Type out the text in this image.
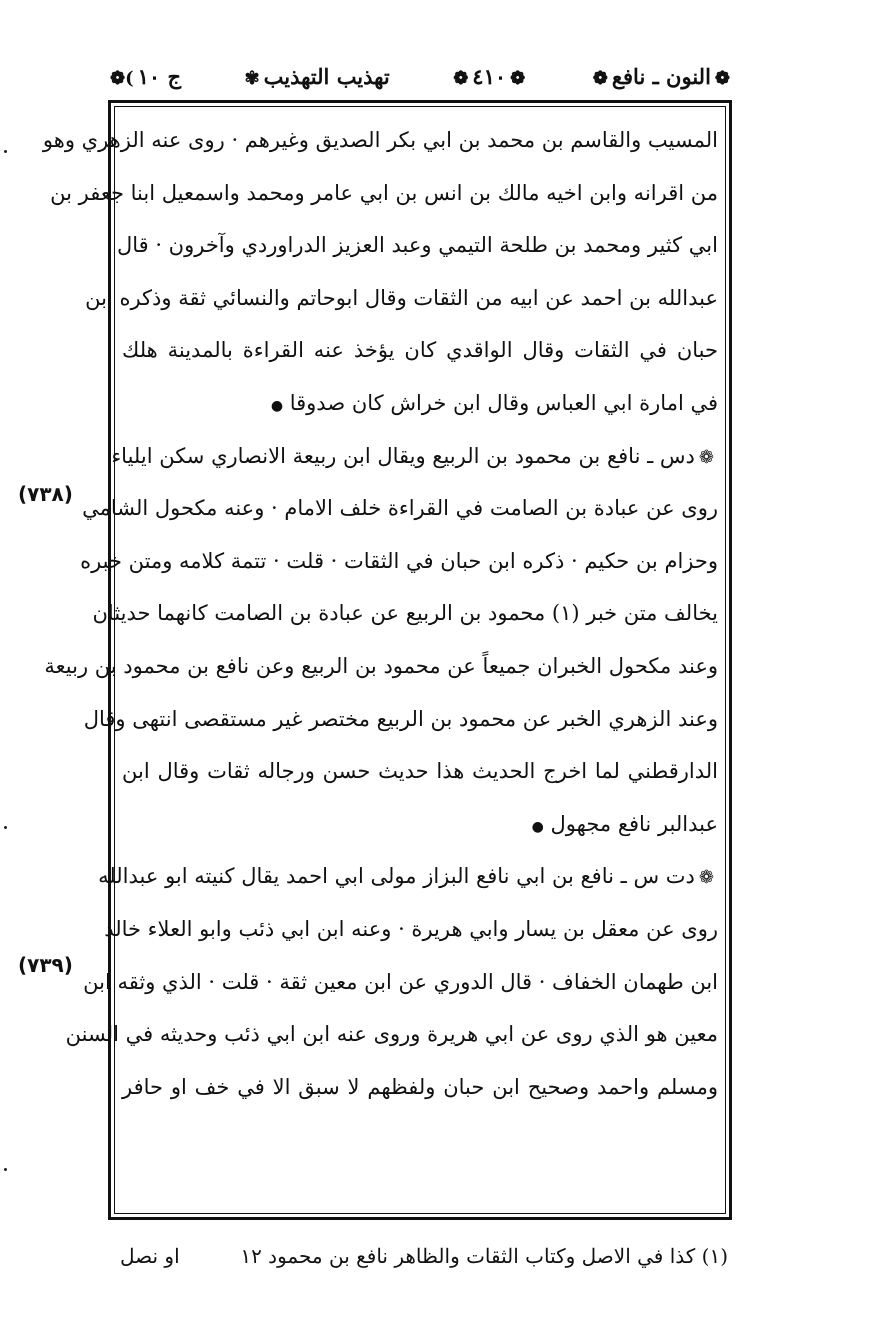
ج ١٠)❁	تهذيب التهذيب✾	❁٤١٠❁	❁النون ـ نافع❁
المسيب والقاسم بن محمد بن ابي بكر الصديق وغيرهم · روى عنه الزهري وهو
من اقرانه وابن اخيه مالك بن انس بن ابي عامر ومحمد واسمعيل ابنا جعفر بن
ابي كثير ومحمد بن طلحة التيمي وعبد العزيز الدراوردي وآخرون · قال
عبدالله بن احمد عن ابيه من الثقات وقال ابوحاتم والنسائي ثقة وذكره ابن
حبان في الثقات وقال الواقدي كان يؤخذ عنه القراءة بالمدينة هلك
في امارة ابي العباس وقال ابن خراش كان صدوقا ●
❁دس ـ نافع بن محمود بن الربيع ويقال ابن ربيعة الانصاري سكن ايلياء
روى عن عبادة بن الصامت في القراءة خلف الامام · وعنه مكحول الشامي
وحزام بن حكيم · ذكره ابن حبان في الثقات · قلت · تتمة كلامه ومتن خبره
يخالف متن خبر (١) محمود بن الربيع عن عبادة بن الصامت كانهما حديثان
وعند مكحول الخبران جميعاً عن محمود بن الربيع وعن نافع بن محمود بن ربيعة
وعند الزهري الخبر عن محمود بن الربيع مختصر غير مستقصى انتهى وقال
الدارقطني لما اخرج الحديث هذا حديث حسن ورجاله ثقات وقال ابن
عبدالبر نافع مجهول ●
❁دت س ـ نافع بن ابي نافع البزاز مولى ابي احمد يقال كنيته ابو عبدالله
روى عن معقل بن يسار وابي هريرة · وعنه ابن ابي ذئب وابو العلاء خالد
ابن طهمان الخفاف · قال الدوري عن ابن معين ثقة · قلت · الذي وثقه ابن
معين هو الذي روى عن ابي هريرة وروى عنه ابن ابي ذئب وحديثه في السنن
ومسلم واحمد وصحيح ابن حبان ولفظهم لا سبق الا في خف او حافر
(٧٣٨)
(٧٣٩)
(١) كذا في الاصل وكتاب الثقات والظاهر نافع بن محمود ١٢
او نصل
